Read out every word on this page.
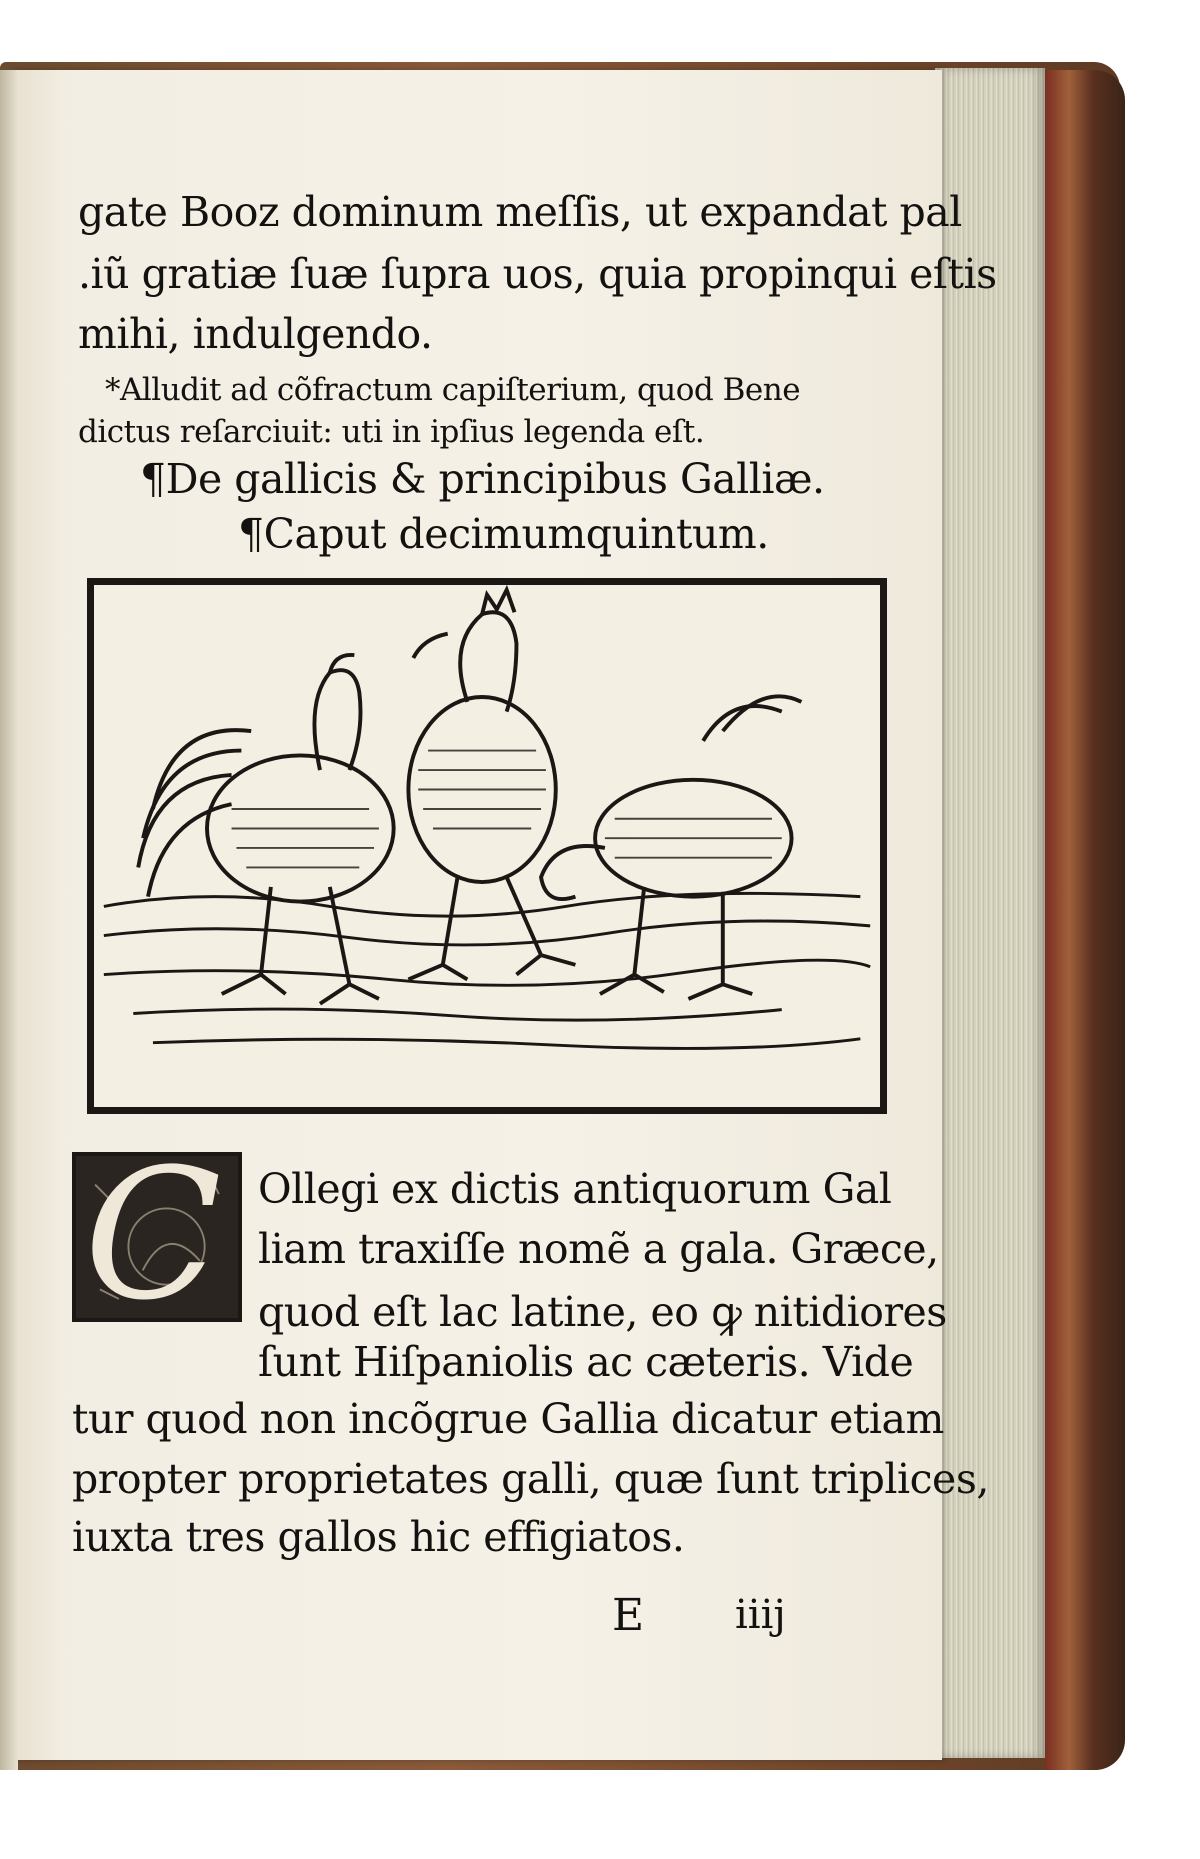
gate Booz dominum meſſis, ut expandat pal
.iũ gratiæ ſuæ ſupra uos, quia propinqui eſtis
mihi, indulgendo.
*Alludit ad cõfractum capiſterium, quod Bene
dictus reſarciuit: uti in ipſius legenda eſt.
¶De gallicis & principibus Galliæ.
¶Caput decimumquintum.
C Ollegi ex dictis antiquorum Gal
liam traxiſſe nomẽ a gala. Græce,
quod eſt lac latine, eo ꝙ nitidiores
ſunt Hiſpaniolis ac cæteris. Vide
tur quod non incõgrue Gallia dicatur etiam
propter proprietates galli, quæ ſunt triplices,
iuxta tres gallos hic effigiatos.
E iiij
